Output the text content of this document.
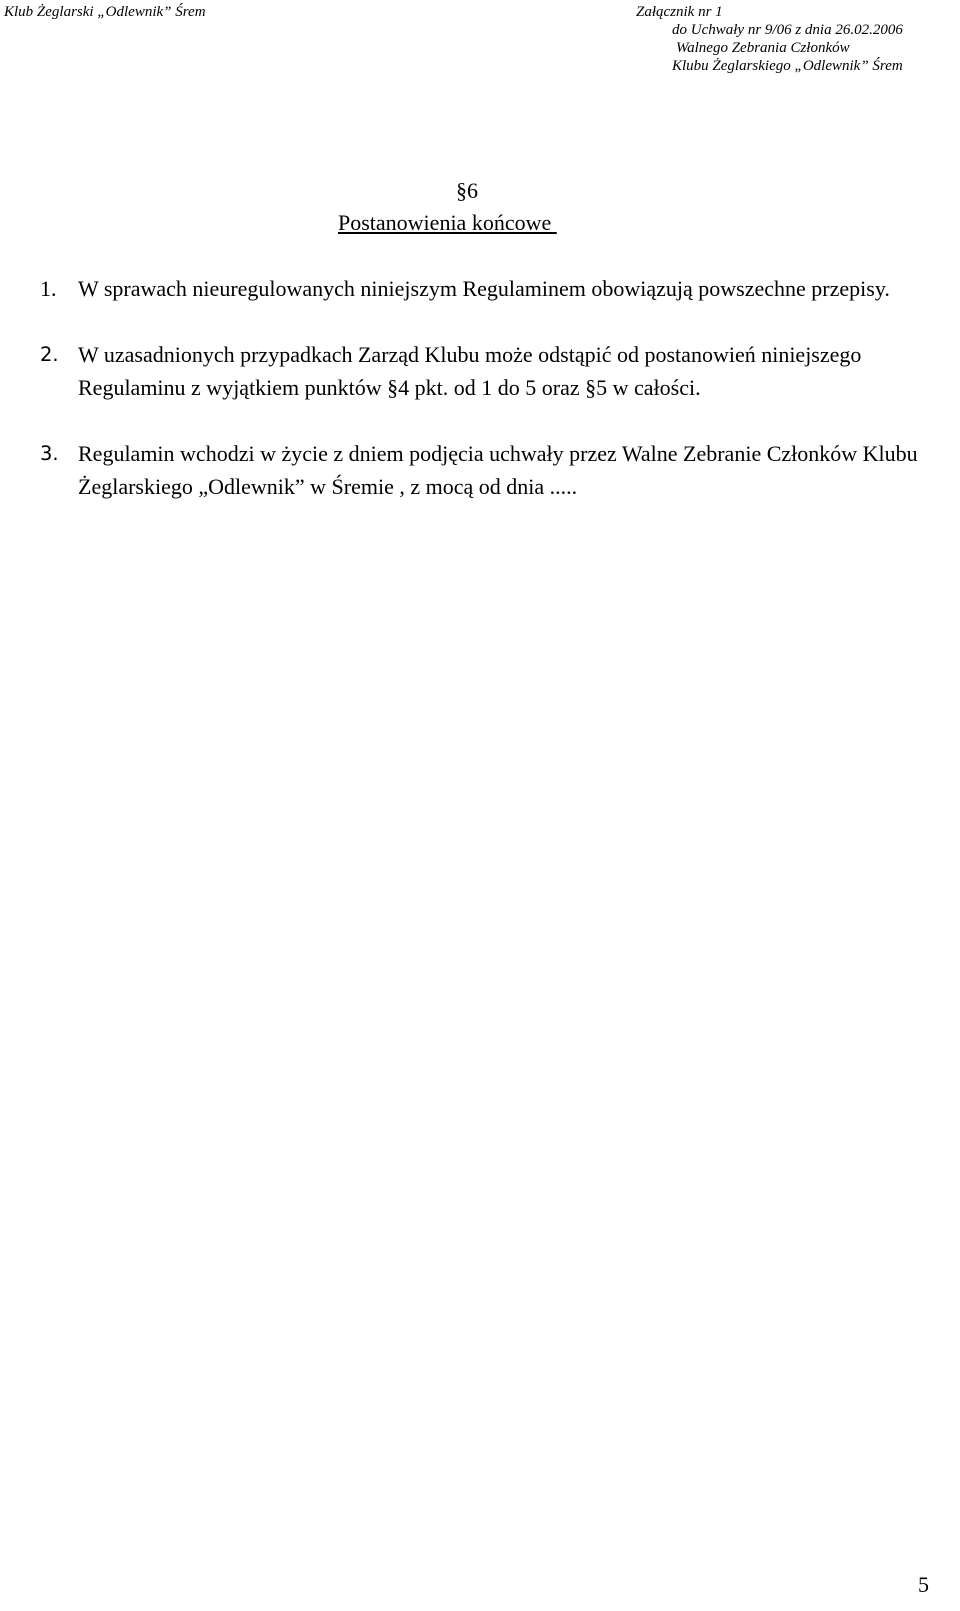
Klub Żeglarski „Odlewnik” Śrem	Załącznik nr 1
do Uchwały nr 9/06 z dnia 26.02.2006
Walnego Zebrania Członków
Klubu Żeglarskiego „Odlewnik” Śrem
§6
Postanowienia końcowe
1. W sprawach nieuregulowanych niniejszym Regulaminem obowiązują powszechne przepisy.
2. W uzasadnionych przypadkach Zarząd Klubu może odstąpić od postanowień niniejszego Regulaminu z wyjątkiem punktów §4 pkt. od 1 do 5 oraz §5 w całości.
3. Regulamin wchodzi w życie z dniem podjęcia uchwały przez Walne Zebranie Członków Klubu Żeglarskiego „Odlewnik” w Śremie , z mocą od dnia .....
5
